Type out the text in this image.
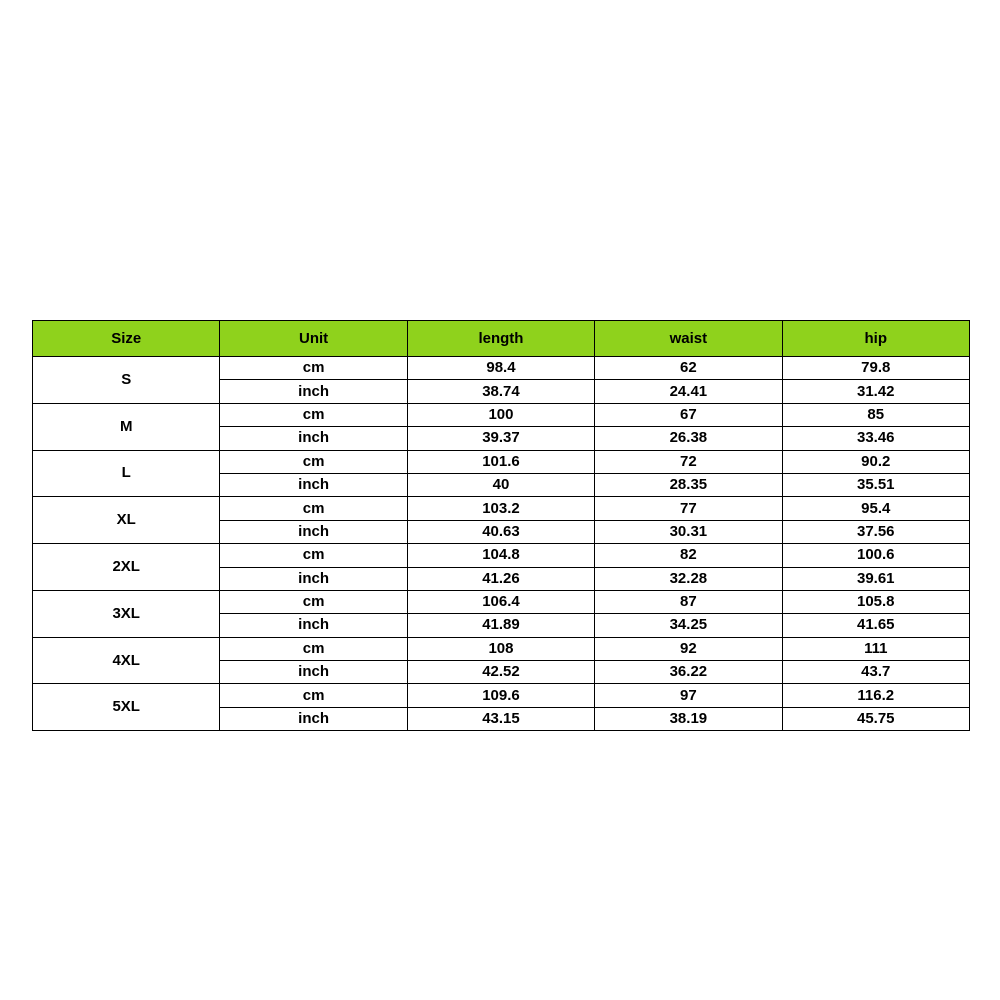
Size	Unit	length	waist	hip
S	cm	98.4	62	79.8
	inch	38.74	24.41	31.42
M	cm	100	67	85
	inch	39.37	26.38	33.46
L	cm	101.6	72	90.2
	inch	40	28.35	35.51
XL	cm	103.2	77	95.4
	inch	40.63	30.31	37.56
2XL	cm	104.8	82	100.6
	inch	41.26	32.28	39.61
3XL	cm	106.4	87	105.8
	inch	41.89	34.25	41.65
4XL	cm	108	92	111
	inch	42.52	36.22	43.7
5XL	cm	109.6	97	116.2
	inch	43.15	38.19	45.75
